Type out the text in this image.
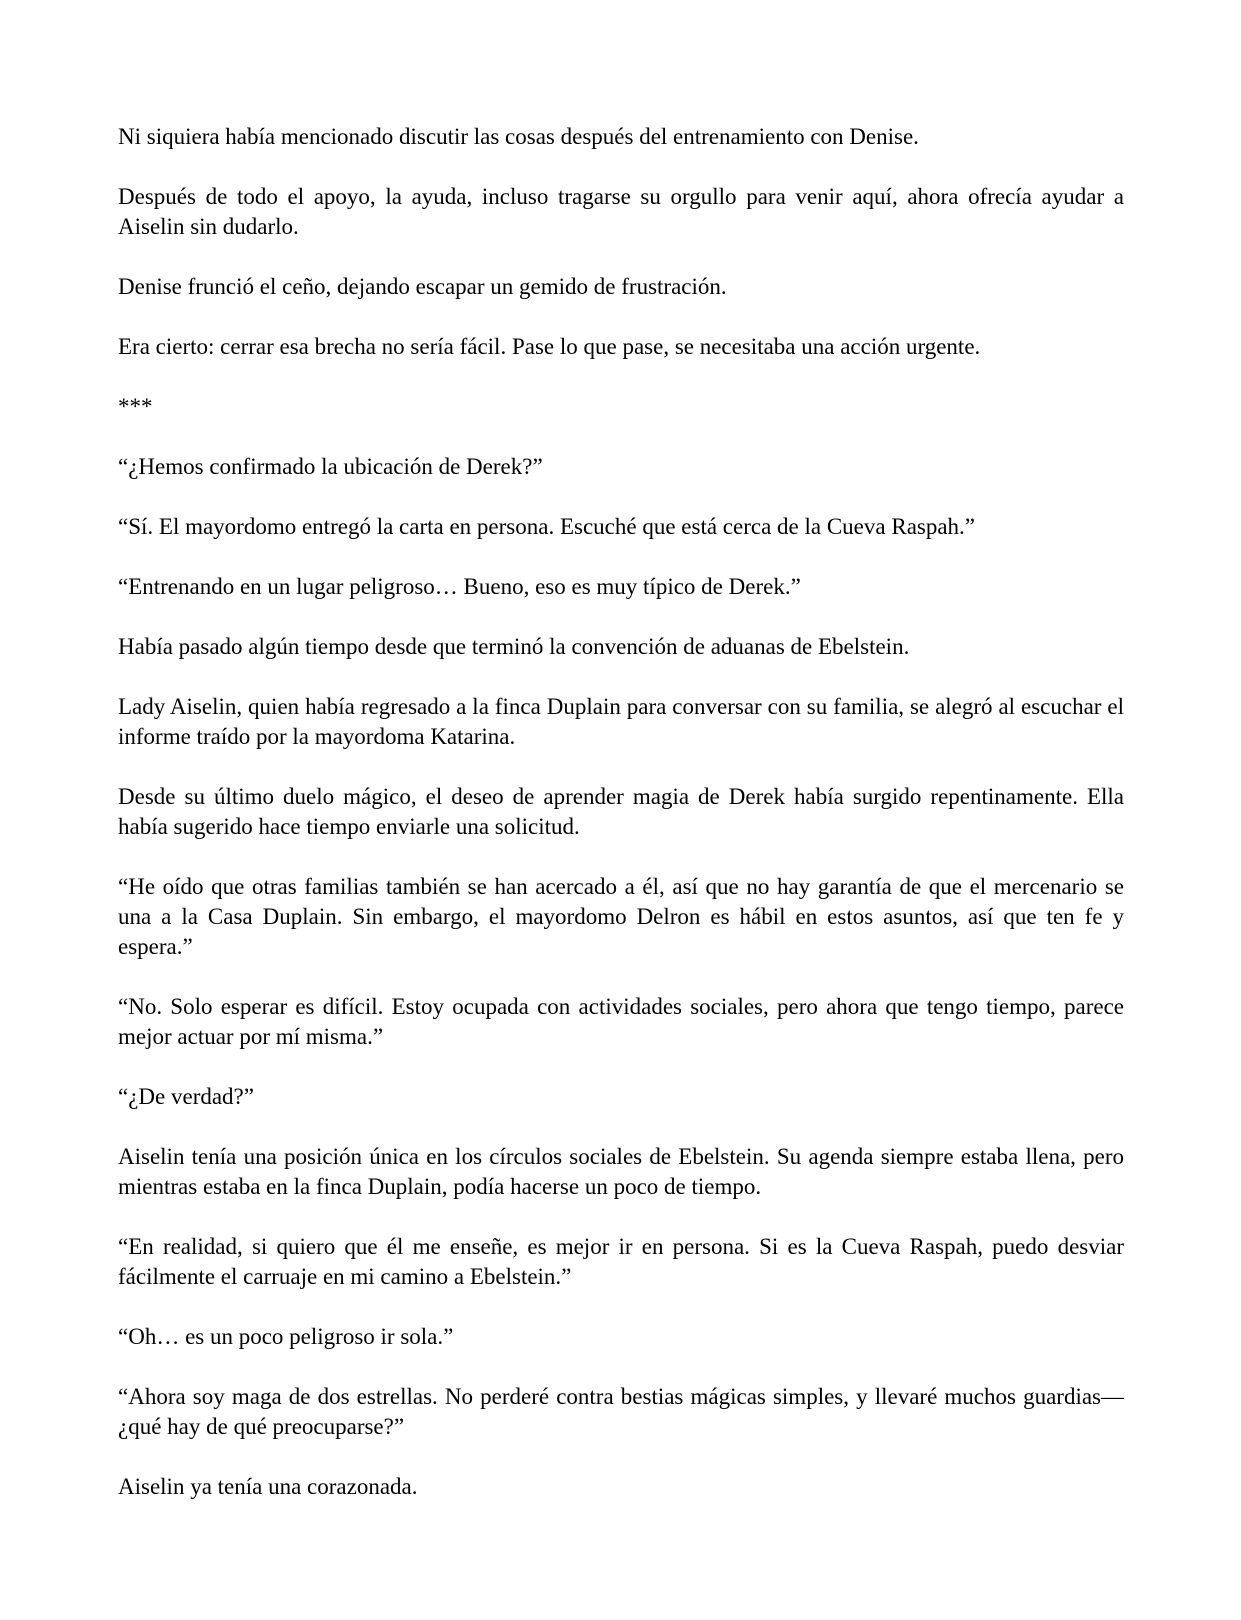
Ni siquiera había mencionado discutir las cosas después del entrenamiento con Denise.

Después de todo el apoyo, la ayuda, incluso tragarse su orgullo para venir aquí, ahora ofrecía ayudar a Aiselin sin dudarlo.

Denise frunció el ceño, dejando escapar un gemido de frustración.

Era cierto: cerrar esa brecha no sería fácil. Pase lo que pase, se necesitaba una acción urgente.

***

“¿Hemos confirmado la ubicación de Derek?”

“Sí. El mayordomo entregó la carta en persona. Escuché que está cerca de la Cueva Raspah.”

“Entrenando en un lugar peligroso… Bueno, eso es muy típico de Derek.”

Había pasado algún tiempo desde que terminó la convención de aduanas de Ebelstein.

Lady Aiselin, quien había regresado a la finca Duplain para conversar con su familia, se alegró al escuchar el informe traído por la mayordoma Katarina.

Desde su último duelo mágico, el deseo de aprender magia de Derek había surgido repentinamente. Ella había sugerido hace tiempo enviarle una solicitud.

“He oído que otras familias también se han acercado a él, así que no hay garantía de que el mercenario se una a la Casa Duplain. Sin embargo, el mayordomo Delron es hábil en estos asuntos, así que ten fe y espera.”

“No. Solo esperar es difícil. Estoy ocupada con actividades sociales, pero ahora que tengo tiempo, parece mejor actuar por mí misma.”

“¿De verdad?”

Aiselin tenía una posición única en los círculos sociales de Ebelstein. Su agenda siempre estaba llena, pero mientras estaba en la finca Duplain, podía hacerse un poco de tiempo.

“En realidad, si quiero que él me enseñe, es mejor ir en persona. Si es la Cueva Raspah, puedo desviar fácilmente el carruaje en mi camino a Ebelstein.”

“Oh… es un poco peligroso ir sola.”

“Ahora soy maga de dos estrellas. No perderé contra bestias mágicas simples, y llevaré muchos guardias—¿qué hay de qué preocuparse?”

Aiselin ya tenía una corazonada.
